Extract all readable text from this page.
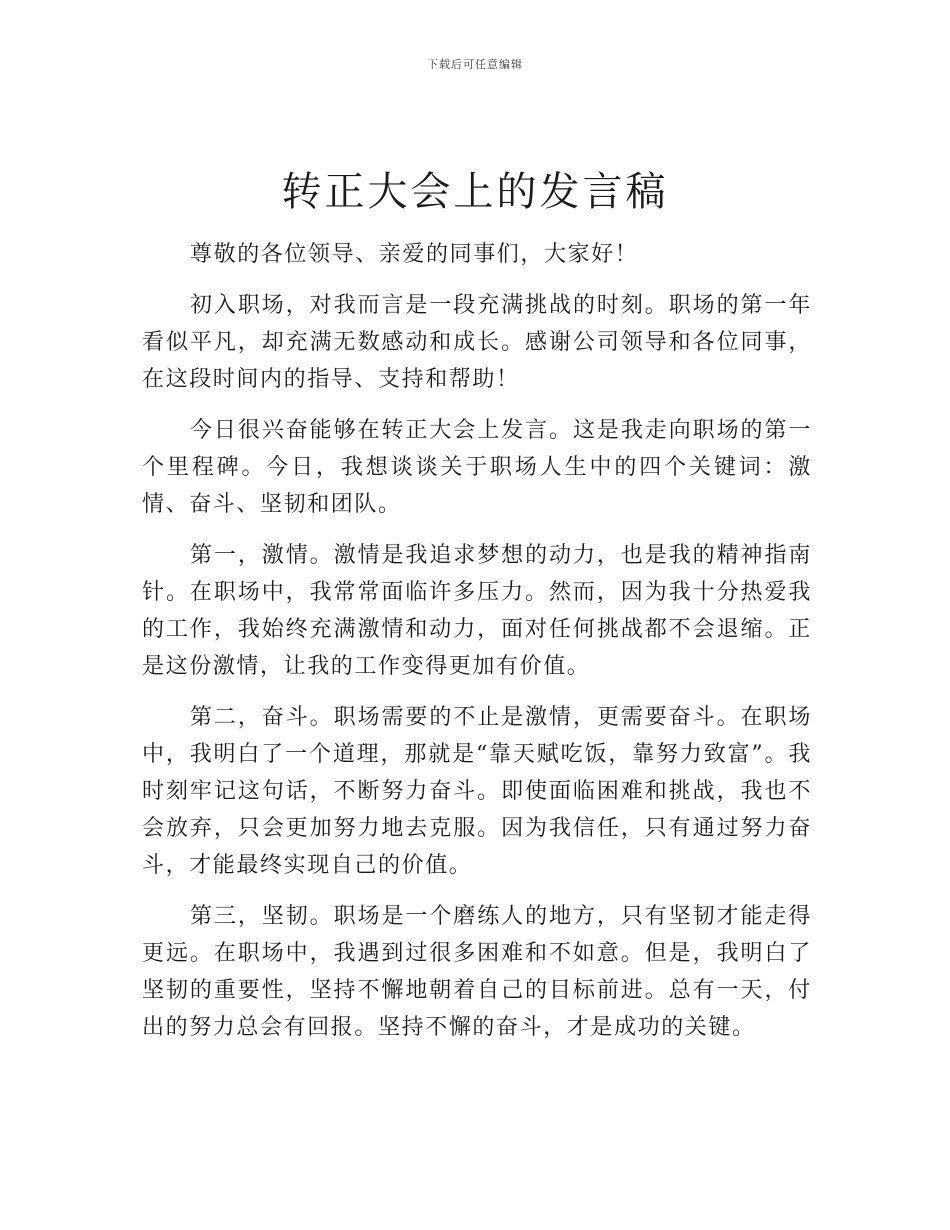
下载后可任意编辑
转正大会上的发言稿

尊敬的各位领导、亲爱的同事们，大家好！

初入职场，对我而言是一段充满挑战的时刻。职场的第一年看似平凡，却充满无数感动和成长。感谢公司领导和各位同事，在这段时间内的指导、支持和帮助！

今日很兴奋能够在转正大会上发言。这是我走向职场的第一个里程碑。今日，我想谈谈关于职场人生中的四个关键词：激情、奋斗、坚韧和团队。

第一，激情。激情是我追求梦想的动力，也是我的精神指南针。在职场中，我常常面临许多压力。然而，因为我十分热爱我的工作，我始终充满激情和动力，面对任何挑战都不会退缩。正是这份激情，让我的工作变得更加有价值。

第二，奋斗。职场需要的不止是激情，更需要奋斗。在职场中，我明白了一个道理，那就是“靠天赋吃饭，靠努力致富”。我时刻牢记这句话，不断努力奋斗。即使面临困难和挑战，我也不会放弃，只会更加努力地去克服。因为我信任，只有通过努力奋斗，才能最终实现自己的价值。

第三，坚韧。职场是一个磨练人的地方，只有坚韧才能走得更远。在职场中，我遇到过很多困难和不如意。但是，我明白了坚韧的重要性，坚持不懈地朝着自己的目标前进。总有一天，付出的努力总会有回报。坚持不懈的奋斗，才是成功的关键。
